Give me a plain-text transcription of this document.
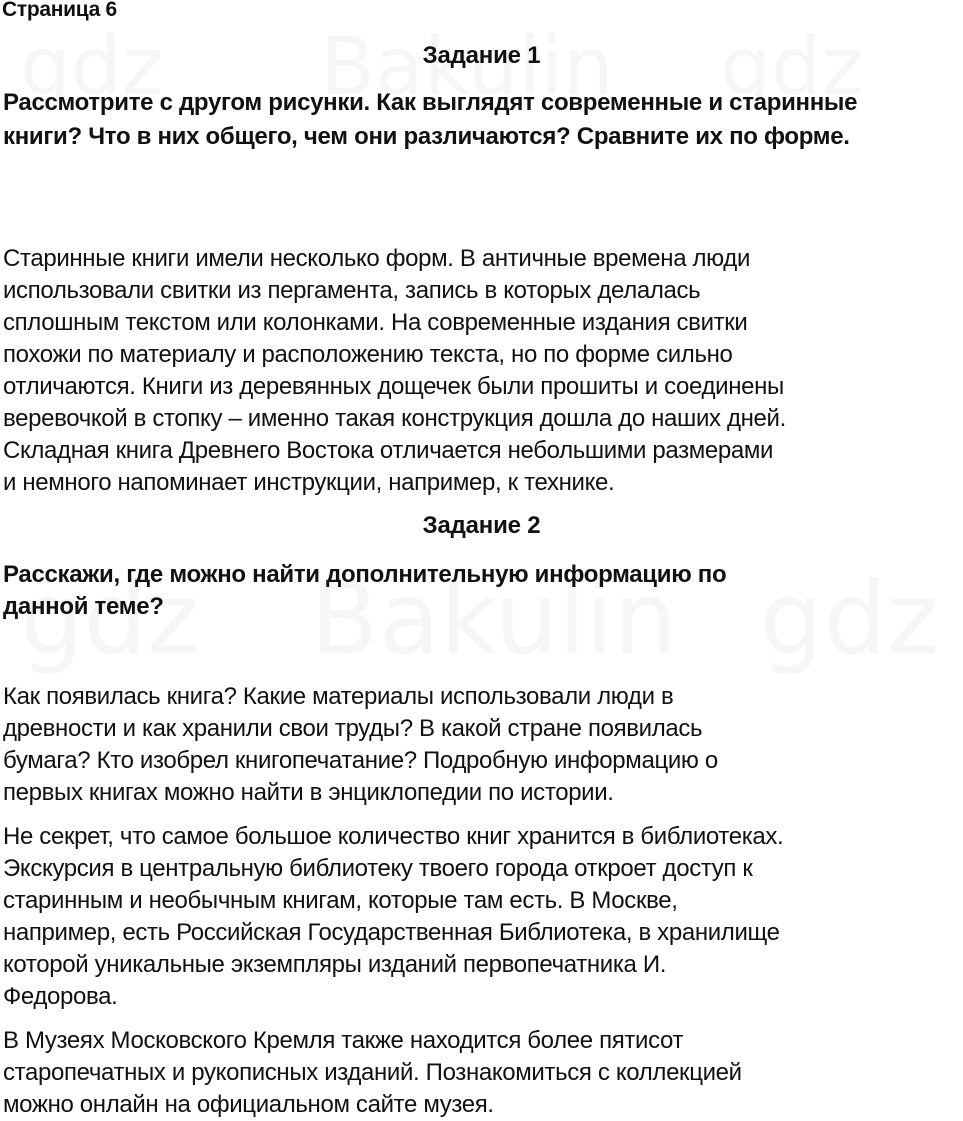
Страница 6
Задание 1
Рассмотрите с другом рисунки. Как выглядят современные и старинные книги? Что в них общего, чем они различаются? Сравните их по форме.
Старинные книги имели несколько форм. В античные времена люди
использовали свитки из пергамента, запись в которых делалась
сплошным текстом или колонками. На современные издания свитки
похожи по материалу и расположению текста, но по форме сильно
отличаются. Книги из деревянных дощечек были прошиты и соединены
веревочкой в стопку – именно такая конструкция дошла до наших дней.
Складная книга Древнего Востока отличается небольшими размерами
и немного напоминает инструкции, например, к технике.
Задание 2
Расскажи, где можно найти дополнительную информацию по
данной теме?
Как появилась книга? Какие материалы использовали люди в
древности и как хранили свои труды? В какой стране появилась
бумага? Кто изобрел книгопечатание? Подробную информацию о
первых книгах можно найти в энциклопедии по истории.
Не секрет, что самое большое количество книг хранится в библиотеках.
Экскурсия в центральную библиотеку твоего города откроет доступ к
старинным и необычным книгам, которые там есть. В Москве,
например, есть Российская Государственная Библиотека, в хранилище
которой уникальные экземпляры изданий первопечатника И.
Федорова.
В Музеях Московского Кремля также находится более пятисот
старопечатных и рукописных изданий. Познакомиться с коллекцией
можно онлайн на официальном сайте музея.
